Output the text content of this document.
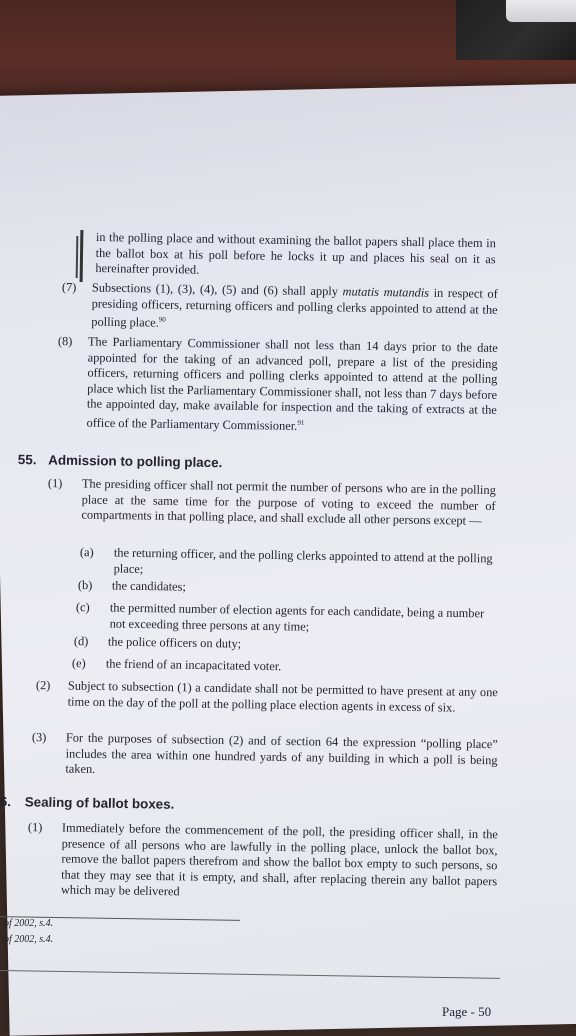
in the polling place and without examining the ballot papers shall place them in the ballot box at his poll before he locks it up and places his seal on it as hereinafter provided.
(7) Subsections (1), (3), (4), (5) and (6) shall apply mutatis mutandis in respect of presiding officers, returning officers and polling clerks appointed to attend at the polling place.$^{90}$
(8) The Parliamentary Commissioner shall not less than 14 days prior to the date appointed for the taking of an advanced poll, prepare a list of the presiding officers, returning officers and polling clerks appointed to attend at the polling place which list the Parliamentary Commissioner shall, not less than 7 days before the appointed day, make available for inspection and the taking of extracts at the office of the Parliamentary Commissioner.$^{91}$
55. Admission to polling place.
(1) The presiding officer shall not permit the number of persons who are in the polling place at the same time for the purpose of voting to exceed the number of compartments in that polling place, and shall exclude all other persons except —
(a) the returning officer, and the polling clerks appointed to attend at the polling place;
(b) the candidates;
(c) the permitted number of election agents for each candidate, being a number not exceeding three persons at any time;
(d) the police officers on duty;
(e) the friend of an incapacitated voter.
(2) Subject to subsection (1) a candidate shall not be permitted to have present at any one time on the day of the poll at the polling place election agents in excess of six.
(3) For the purposes of subsection (2) and of section 64 the expression “polling place” includes the area within one hundred yards of any building in which a poll is being taken.
6. Sealing of ballot boxes.
(1) Immediately before the commencement of the poll, the presiding officer shall, in the presence of all persons who are lawfully in the polling place, unlock the ballot box, remove the ballot papers therefrom and show the ballot box empty to such persons, so that they may see that it is empty, and shall, after replacing therein any ballot papers which may be delivered
of 2002, s.4.
of 2002, s.4.
Page - 50
